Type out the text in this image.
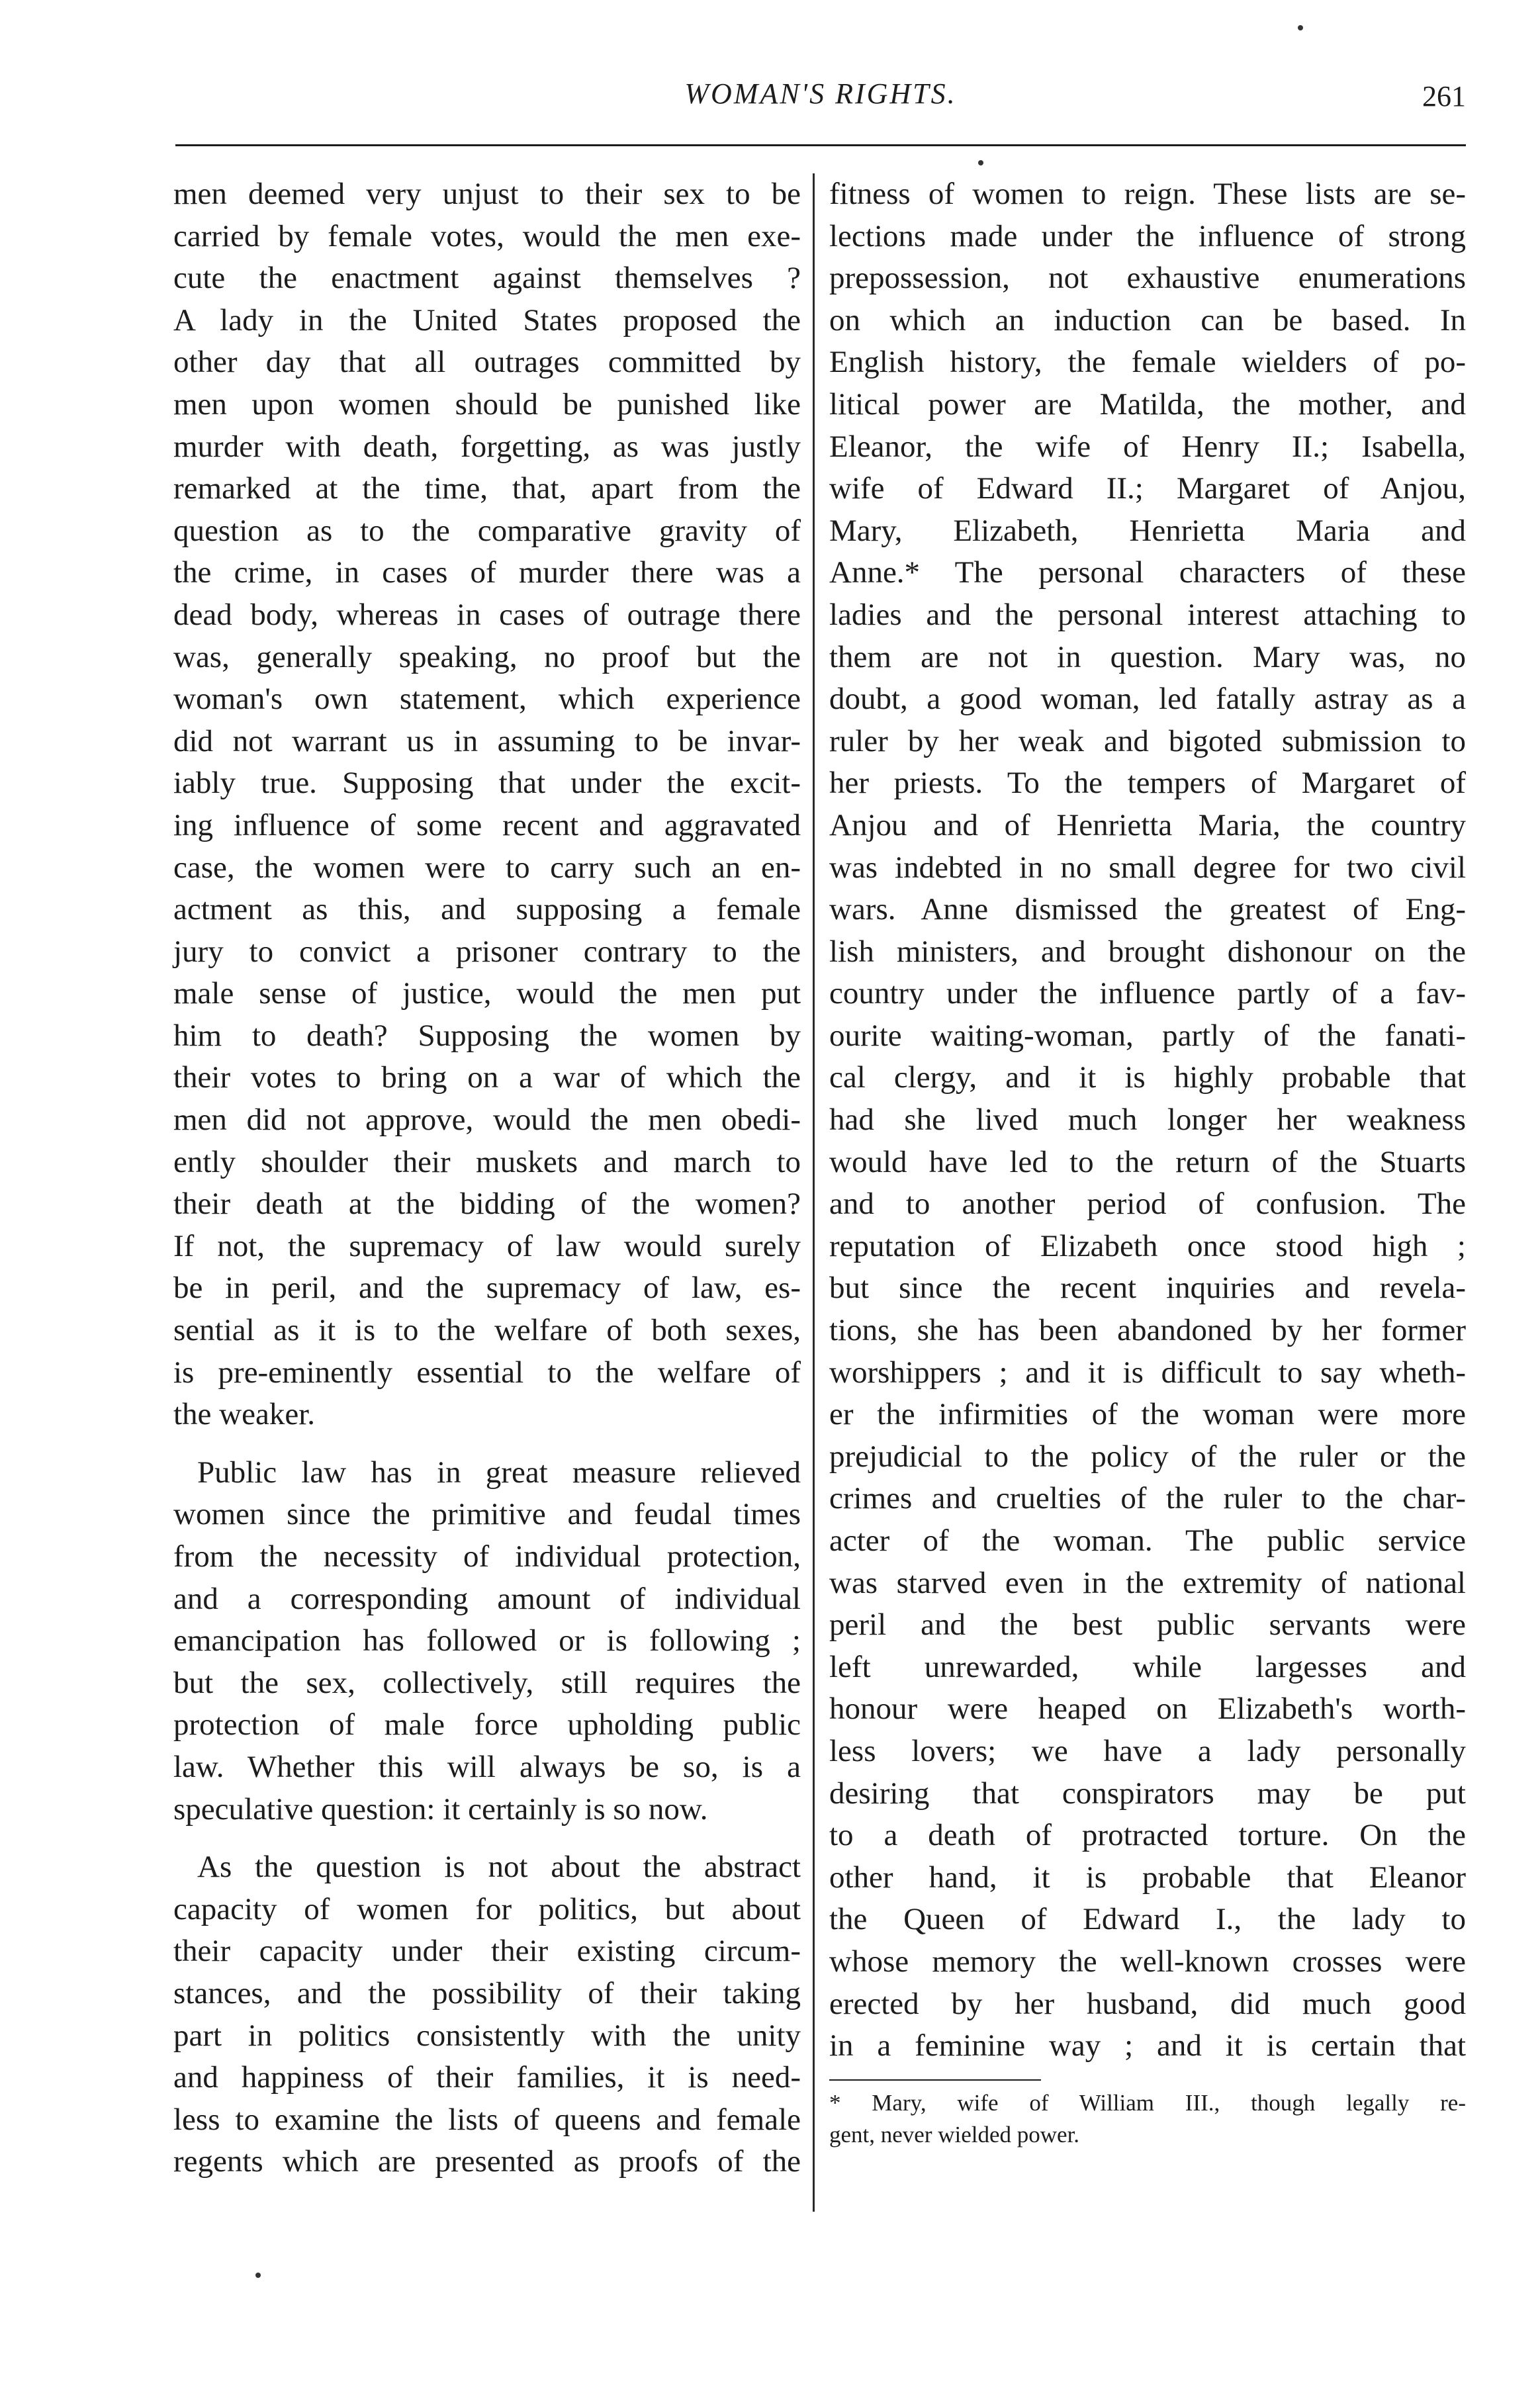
WOMAN'S RIGHTS.	261
men deemed very unjust to their sex to be
carried by female votes, would the men exe-
cute the enactment against themselves ?
A lady in the United States proposed the
other day that all outrages committed by
men upon women should be punished like
murder with death, forgetting, as was justly
remarked at the time, that, apart from the
question as to the comparative gravity of
the crime, in cases of murder there was a
dead body, whereas in cases of outrage there
was, generally speaking, no proof but the
woman's own statement, which experience
did not warrant us in assuming to be invar-
iably true. Supposing that under the excit-
ing influence of some recent and aggravated
case, the women were to carry such an en-
actment as this, and supposing a female
jury to convict a prisoner contrary to the
male sense of justice, would the men put
him to death? Supposing the women by
their votes to bring on a war of which the
men did not approve, would the men obedi-
ently shoulder their muskets and march to
their death at the bidding of the women?
If not, the supremacy of law would surely
be in peril, and the supremacy of law, es-
sential as it is to the welfare of both sexes,
is pre-eminently essential to the welfare of
the weaker.
Public law has in great measure relieved
women since the primitive and feudal times
from the necessity of individual protection,
and a corresponding amount of individual
emancipation has followed or is following ;
but the sex, collectively, still requires the
protection of male force upholding public
law. Whether this will always be so, is a
speculative question: it certainly is so now.
As the question is not about the abstract
capacity of women for politics, but about
their capacity under their existing circum-
stances, and the possibility of their taking
part in politics consistently with the unity
and happiness of their families, it is need-
less to examine the lists of queens and female
regents which are presented as proofs of the
fitness of women to reign. These lists are se-
lections made under the influence of strong
prepossession, not exhaustive enumerations
on which an induction can be based. In
English history, the female wielders of po-
litical power are Matilda, the mother, and
Eleanor, the wife of Henry II.; Isabella,
wife of Edward II.; Margaret of Anjou,
Mary, Elizabeth, Henrietta Maria and
Anne.* The personal characters of these
ladies and the personal interest attaching to
them are not in question. Mary was, no
doubt, a good woman, led fatally astray as a
ruler by her weak and bigoted submission to
her priests. To the tempers of Margaret of
Anjou and of Henrietta Maria, the country
was indebted in no small degree for two civil
wars. Anne dismissed the greatest of Eng-
lish ministers, and brought dishonour on the
country under the influence partly of a fav-
ourite waiting-woman, partly of the fanati-
cal clergy, and it is highly probable that
had she lived much longer her weakness
would have led to the return of the Stuarts
and to another period of confusion. The
reputation of Elizabeth once stood high ;
but since the recent inquiries and revela-
tions, she has been abandoned by her former
worshippers ; and it is difficult to say wheth-
er the infirmities of the woman were more
prejudicial to the policy of the ruler or the
crimes and cruelties of the ruler to the char-
acter of the woman. The public service
was starved even in the extremity of national
peril and the best public servants were
left unrewarded, while largesses and
honour were heaped on Elizabeth's worth-
less lovers; we have a lady personally
desiring that conspirators may be put
to a death of protracted torture. On the
other hand, it is probable that Eleanor
the Queen of Edward I., the lady to
whose memory the well-known crosses were
erected by her husband, did much good
in a feminine way ; and it is certain that
* Mary, wife of William III., though legally re-
gent, never wielded power.
